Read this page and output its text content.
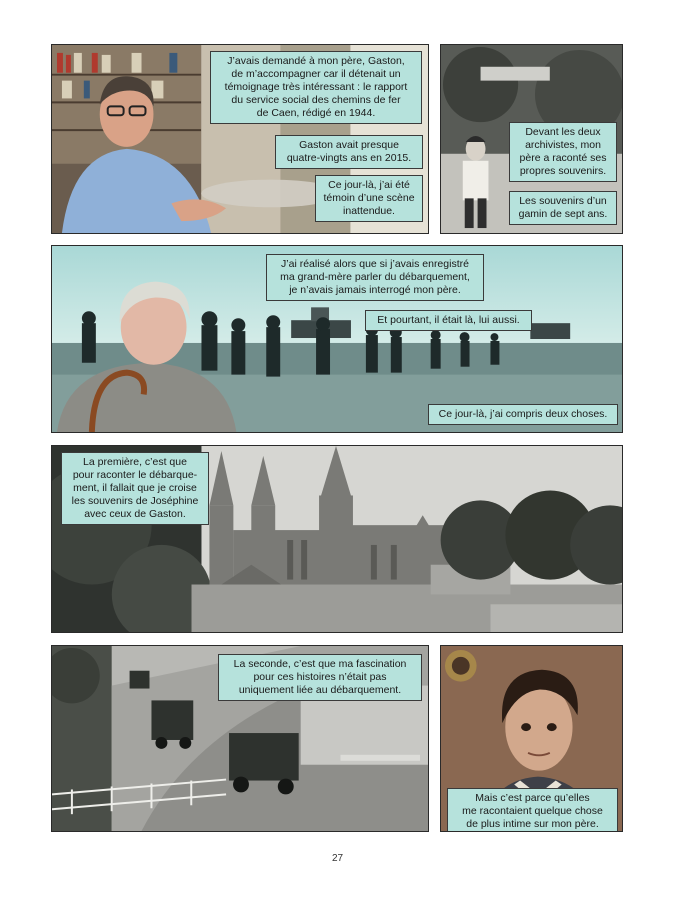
J’avais demandé à mon père, Gaston,
de m’accompagner car il détenait un
témoignage très intéressant : le rapport
du service social des chemins de fer
de Caen, rédigé en 1944.
Gaston avait presque
quatre-vingts ans en 2015.
Ce jour-là, j’ai été
témoin d’une scène
inattendue.
Devant les deux
archivistes, mon
père a raconté ses
propres souvenirs.
Les souvenirs d’un
gamin de sept ans.
J’ai réalisé alors que si j’avais enregistré
ma grand-mère parler du débarquement,
je n’avais jamais interrogé mon père.
Et pourtant, il était là, lui aussi.
Ce jour-là, j’ai compris deux choses.
La première, c’est que
pour raconter le débarque-
ment, il fallait que je croise
les souvenirs de Joséphine
avec ceux de Gaston.
La seconde, c’est que ma fascination
pour ces histoires n’était pas
uniquement liée au débarquement.
Mais c’est parce qu’elles
me racontaient quelque chose
de plus intime sur mon père.
27
